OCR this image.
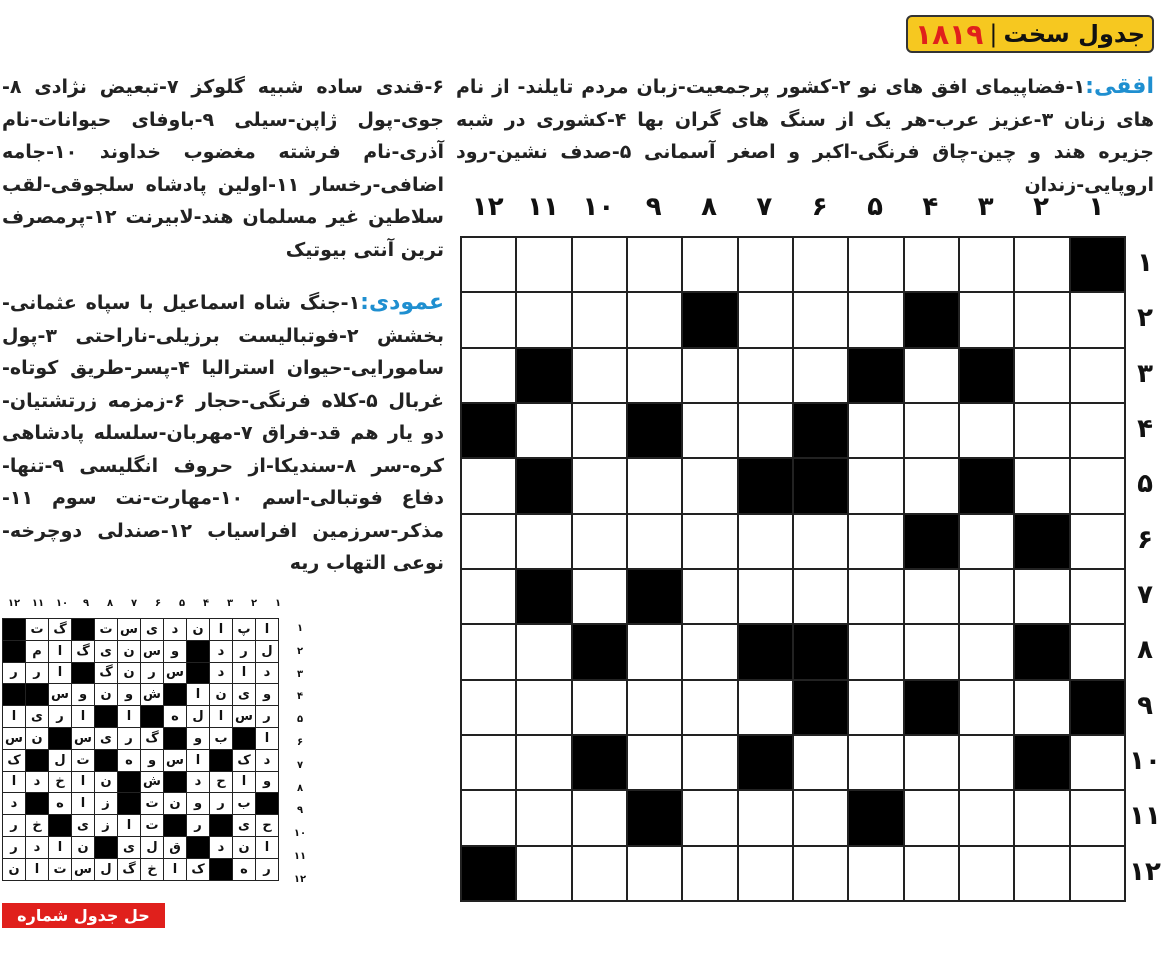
جدول سخت
|
۱۸۱۹
افقی:۱-فضاپیمای افق های نو ۲-کشور پرجمعیت-زبان مردم تایلند- از نام های زنان ۳-عزیز عرب-هر یک از سنگ های گران بها ۴-کشوری در شبه جزیره هند و چین-چاق فرنگی-اکبر و اصغر آسمانی ۵-صدف نشین-رود اروپایی-زندان
۶-قندی ساده شبیه گلوکز ۷-تبعیض نژادی ۸-جوی-پول ژاپن-سیلی ۹-باوفای حیوانات-نام آذری-نام فرشته مغضوب خداوند ۱۰-جامه اضافی-رخسار ۱۱-اولین پادشاه سلجوقی-لقب سلاطین غیر مسلمان هند-لابیرنت ۱۲-پرمصرف ترین آنتی بیوتیک
عمودی:۱-جنگ شاه اسماعیل با سپاه عثمانی-بخشش ۲-فوتبالیست برزیلی-ناراحتی ۳-پول سامورایی-حیوان استرالیا ۴-پسر-طریق کوتاه-غربال ۵-کلاه فرنگی-حجار ۶-زمزمه زرتشتیان-دو یار هم قد-فراق ۷-مهربان-سلسله پادشاهی کره-سر ۸-سندیکا-از حروف انگلیسی ۹-تنها-دفاع فوتبالی-اسم ۱۰-مهارت-نت سوم ۱۱-مذکر-سرزمین افراسیاب ۱۲-صندلی دوچرخه-نوعی التهاب ریه
۱
۲
۳
۴
۵
۶
۷
۸
۹
۱۰
۱۱
۱۲
۱
۲
۳
۴
۵
۶
۷
۸
۹
۱۰
۱۱
۱۲

۱
۲
۳
۴
۵
۶
۷
۸
۹
۱۰
۱۱
۱۲
۱
۲
۳
۴
۵
۶
۷
۸
۹
۱۰
۱۱
۱۲
	ت	گ		ت	س	ی	د	ن	ا	پ	ا
	م	ا	گ	ی	ن	س	و		د	ر	ل
ر	ر	ا		گ	ن	ر	س		د	ا	د
		س	و	ن	و	ش		ا	ن	ی	و
ا	ی	ر	ا		ا		ه	ل	ا	س	ر
س	ن		س	ی	ر	گ		و	ب		ا
ک		ل	ت		ه	و	س	ا		ک	د
ا	د	خ	ا	ن		ش		د	ح	ا	و
د		ه	ا	ز		ت	ن	و	ر	ب	
ر	خ		ی	ز	ا	ت		ر		ی	ح
ر	د	ا	ن		ی	ل	ق		د	ن	ا
ن	ا	ت	س	ل	گ	خ	ا	ک		ه	ر
حل جدول شماره ۱۸۱۸
